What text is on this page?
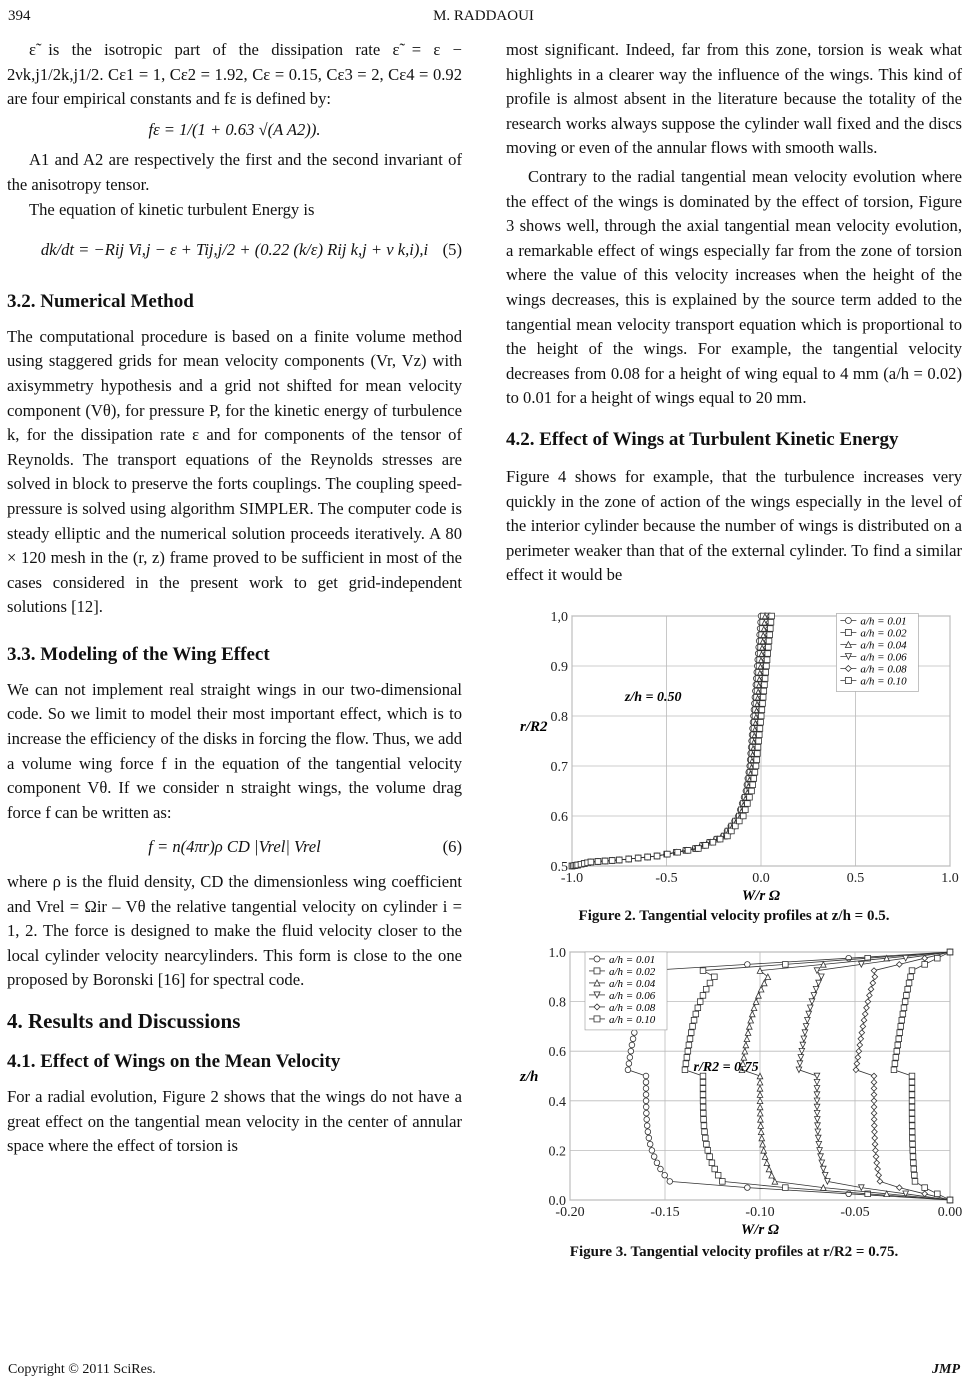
394	M. RADDAOUI

ε̃ is the isotropic part of the dissipation rate ε̃ = ε − 2νk,j1/2k,j1/2. Cε1 = 1, Cε2 = 1.92, Cε = 0.15, Cε3 = 2, Cε4 = 0.92 are four empirical constants and fε is defined by:

fε = 1/(1 + 0.63 √(A A2)).

A1 and A2 are respectively the first and the second invariant of the anisotropy tensor.

The equation of kinetic turbulent Energy is

dk/dt = −Rij Vi,j − ε + Tij,j/2 + (0.22 (k/ε) Rij k,j + ν k,i),i (5)
3.2. Numerical Method

The computational procedure is based on a finite volume method using staggered grids for mean velocity components (Vr, Vz) with axisymmetry hypothesis and a grid not shifted for mean velocity component (Vθ), for pressure P, for the kinetic energy of turbulence k, for the dissipation rate ε and for components of the tensor of Reynolds. The transport equations of the Reynolds stresses are solved in block to preserve the forts couplings. The coupling speed-pressure is solved using algorithm SIMPLER. The computer code is steady elliptic and the numerical solution proceeds iteratively. A 80 × 120 mesh in the (r, z) frame proved to be sufficient in most of the cases considered in the present work to get grid-independent solutions [12].

3.3. Modeling of the Wing Effect

We can not implement real straight wings in our two-dimensional code. So we limit to model their most important effect, which is to increase the efficiency of the disks in forcing the flow. Thus, we add a volume wing force f in the equation of the tangential velocity component Vθ. If we consider n straight wings, the volume drag force f can be written as:

f = n(4πr)ρ CD |Vrel| Vrel	(6)

where ρ is the fluid density, CD the dimensionless wing coefficient and Vrel = Ωir – Vθ the relative tangential velocity on cylinder i = 1, 2. The force is designed to make the fluid velocity closer to the local cylinder velocity nearcylinders. This form is close to the one proposed by Boronski [16] for spectral code.

4. Results and Discussions
4.1. Effect of Wings on the Mean Velocity

For a radial evolution, Figure 2 shows that the wings do not have a great effect on the tangential mean velocity in the center of annular space where the effect of torsion is

most significant. Indeed, far from this zone, torsion is weak what highlights in a clearer way the influence of the wings. This kind of profile is almost absent in the literature because the totality of the research works always suppose the cylinder wall fixed and the discs moving or even of the annular flows with smooth walls.

Contrary to the radial tangential mean velocity evolution where the effect of the wings is dominated by the effect of torsion, Figure 3 shows well, through the axial tangential mean velocity evolution, a remarkable effect of wings especially far from the zone of torsion where the value of this velocity increases when the height of the wings decreases, this is explained by the source term added to the tangential mean velocity transport equation which is proportional to the height of the wings. For example, the tangential velocity decreases from 0.08 for a height of wing equal to 4 mm (a/h = 0.02) to 0.01 for a height of wings equal to 20 mm.

4.2. Effect of Wings at Turbulent Kinetic Energy

Figure 4 shows for example, that the turbulence increases very quickly in the zone of action of the wings especially in the level of the interior cylinder because the number of wings is distributed on a perimeter weaker than that of the external cylinder. To find a similar effect it would be

-1.0	-0.5	0.0	0.5	1.0
0.5
0.6
0.7
0.8
0.9
1,0
W/r Ω
r/R2
z/h = 0.50
a/h = 0.01
a/h = 0.02
a/h = 0.04
a/h = 0.06
a/h = 0.08
a/h = 0.10
Figure 2. Tangential velocity profiles at z/h = 0.5.
-0.20	-0.15	-0.10	-0.05	0.00
0.0
0.2
0.4
0.6
0.8
1.0
W/r Ω
z/h
r/R2 = 0.75
a/h = 0.01
a/h = 0.02
a/h = 0.04
a/h = 0.06
a/h = 0.08
a/h = 0.10
Figure 3. Tangential velocity profiles at r/R2 = 0.75.
Copyright © 2011 SciRes.	JMP
